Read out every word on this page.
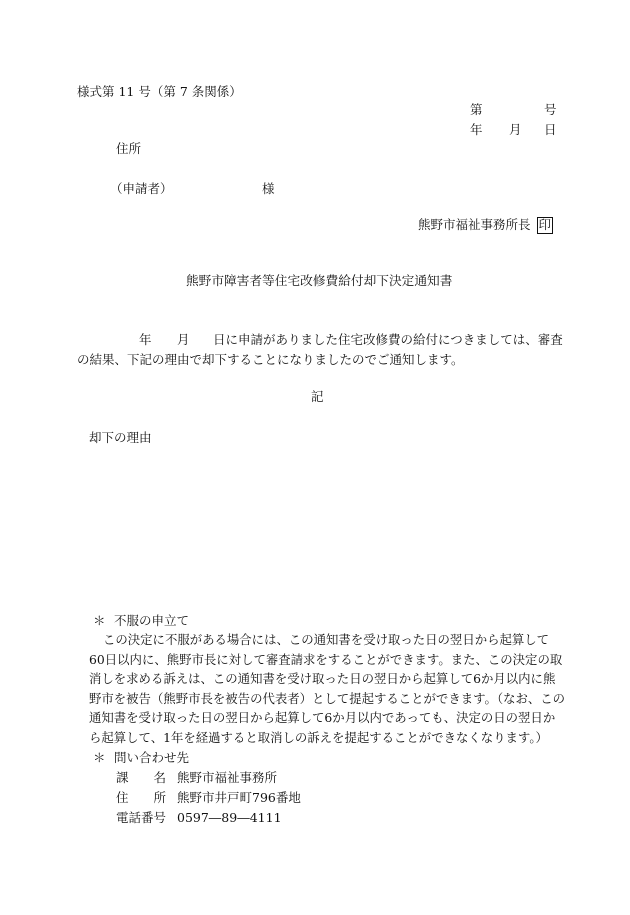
様式第 11 号（第 7 条関係）
第	号
年 月 日
住所
（申請者）	様
熊野市福祉事務所長 印
熊野市障害者等住宅改修費給付却下決定通知書
年 月 日に申請がありました住宅改修費の給付につきましては、審査
の結果、下記の理由で却下することになりましたのでご通知します。
記
却下の理由
＊ 不服の申立て
この決定に不服がある場合には、この通知書を受け取った日の翌日から起算して
60日以内に、熊野市長に対して審査請求をすることができます。また、この決定の取
消しを求める訴えは、この通知書を受け取った日の翌日から起算して6か月以内に熊
野市を被告（熊野市長を被告の代表者）として提起することができます。（なお、この
通知書を受け取った日の翌日から起算して6か月以内であっても、決定の日の翌日か
ら起算して、1年を経過すると取消しの訴えを提起することができなくなります。）
＊ 問い合わせ先
課　　名 熊野市福祉事務所
住　　所 熊野市井戸町796番地
電話番号 0597―89―4111
